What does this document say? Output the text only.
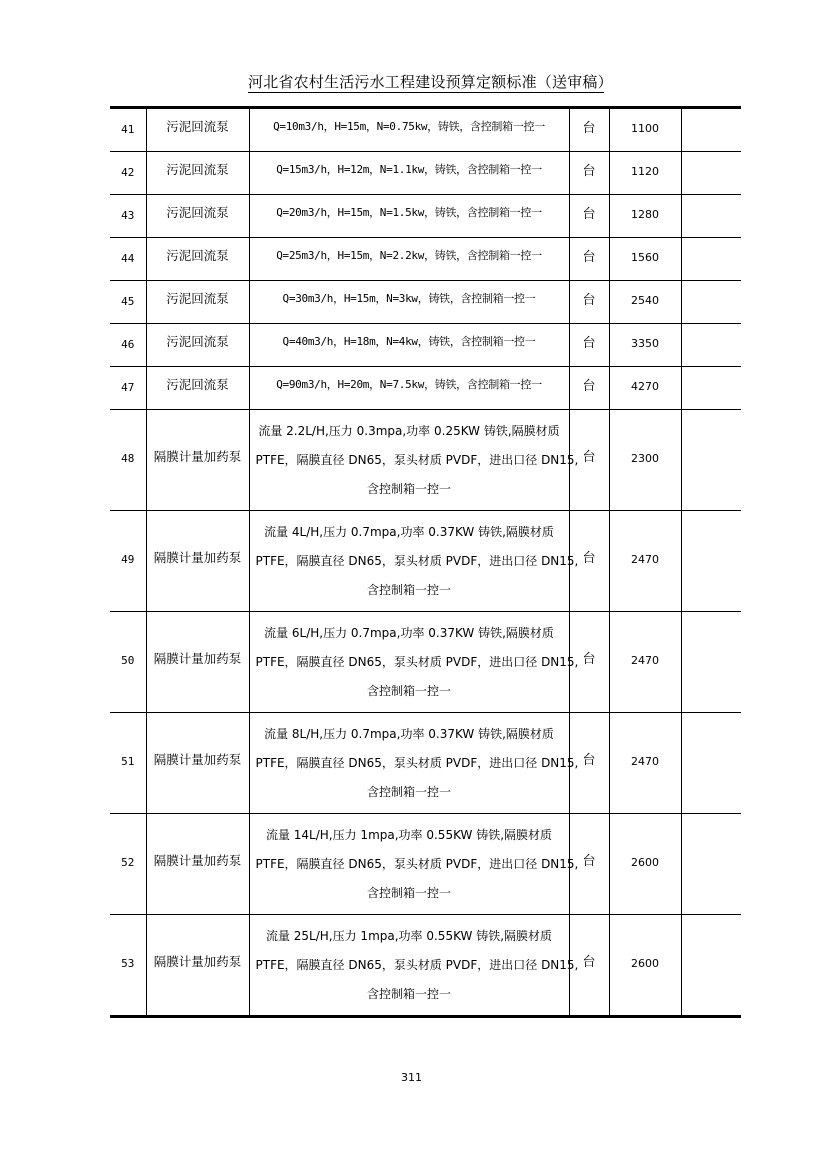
河北省农村生活污水工程建设预算定额标准（送审稿）
41	污泥回流泵	Q=10m3/h，H=15m，N=0.75kw，铸铁，含控制箱一控一	台	1100	

42	污泥回流泵	Q=15m3/h，H=12m，N=1.1kw，铸铁，含控制箱一控一	台	1120	

43	污泥回流泵	Q=20m3/h，H=15m，N=1.5kw，铸铁，含控制箱一控一	台	1280	

44	污泥回流泵	Q=25m3/h，H=15m，N=2.2kw，铸铁，含控制箱一控一	台	1560	

45	污泥回流泵	Q=30m3/h，H=15m，N=3kw，铸铁，含控制箱一控一	台	2540	

46	污泥回流泵	Q=40m3/h，H=18m，N=4kw，铸铁，含控制箱一控一	台	3350	

47	污泥回流泵	Q=90m3/h，H=20m，N=7.5kw，铸铁，含控制箱一控一	台	4270	

48	隔膜计量加药泵	流量 2.2L/H,压力 0.3mpa,功率 0.25KW 铸铁,隔膜材质
PTFE，隔膜直径 DN65，泵头材质 PVDF，进出口径 DN15,
含控制箱一控一	台	2300	

49	隔膜计量加药泵	流量 4L/H,压力 0.7mpa,功率 0.37KW 铸铁,隔膜材质
PTFE，隔膜直径 DN65，泵头材质 PVDF，进出口径 DN15,
含控制箱一控一	台	2470	

50	隔膜计量加药泵	流量 6L/H,压力 0.7mpa,功率 0.37KW 铸铁,隔膜材质
PTFE，隔膜直径 DN65，泵头材质 PVDF，进出口径 DN15,
含控制箱一控一	台	2470	

51	隔膜计量加药泵	流量 8L/H,压力 0.7mpa,功率 0.37KW 铸铁,隔膜材质
PTFE，隔膜直径 DN65，泵头材质 PVDF，进出口径 DN15,
含控制箱一控一	台	2470	

52	隔膜计量加药泵	流量 14L/H,压力 1mpa,功率 0.55KW 铸铁,隔膜材质
PTFE，隔膜直径 DN65，泵头材质 PVDF，进出口径 DN15,
含控制箱一控一	台	2600	

53	隔膜计量加药泵	流量 25L/H,压力 1mpa,功率 0.55KW 铸铁,隔膜材质
PTFE，隔膜直径 DN65，泵头材质 PVDF，进出口径 DN15,
含控制箱一控一	台	2600	

311
